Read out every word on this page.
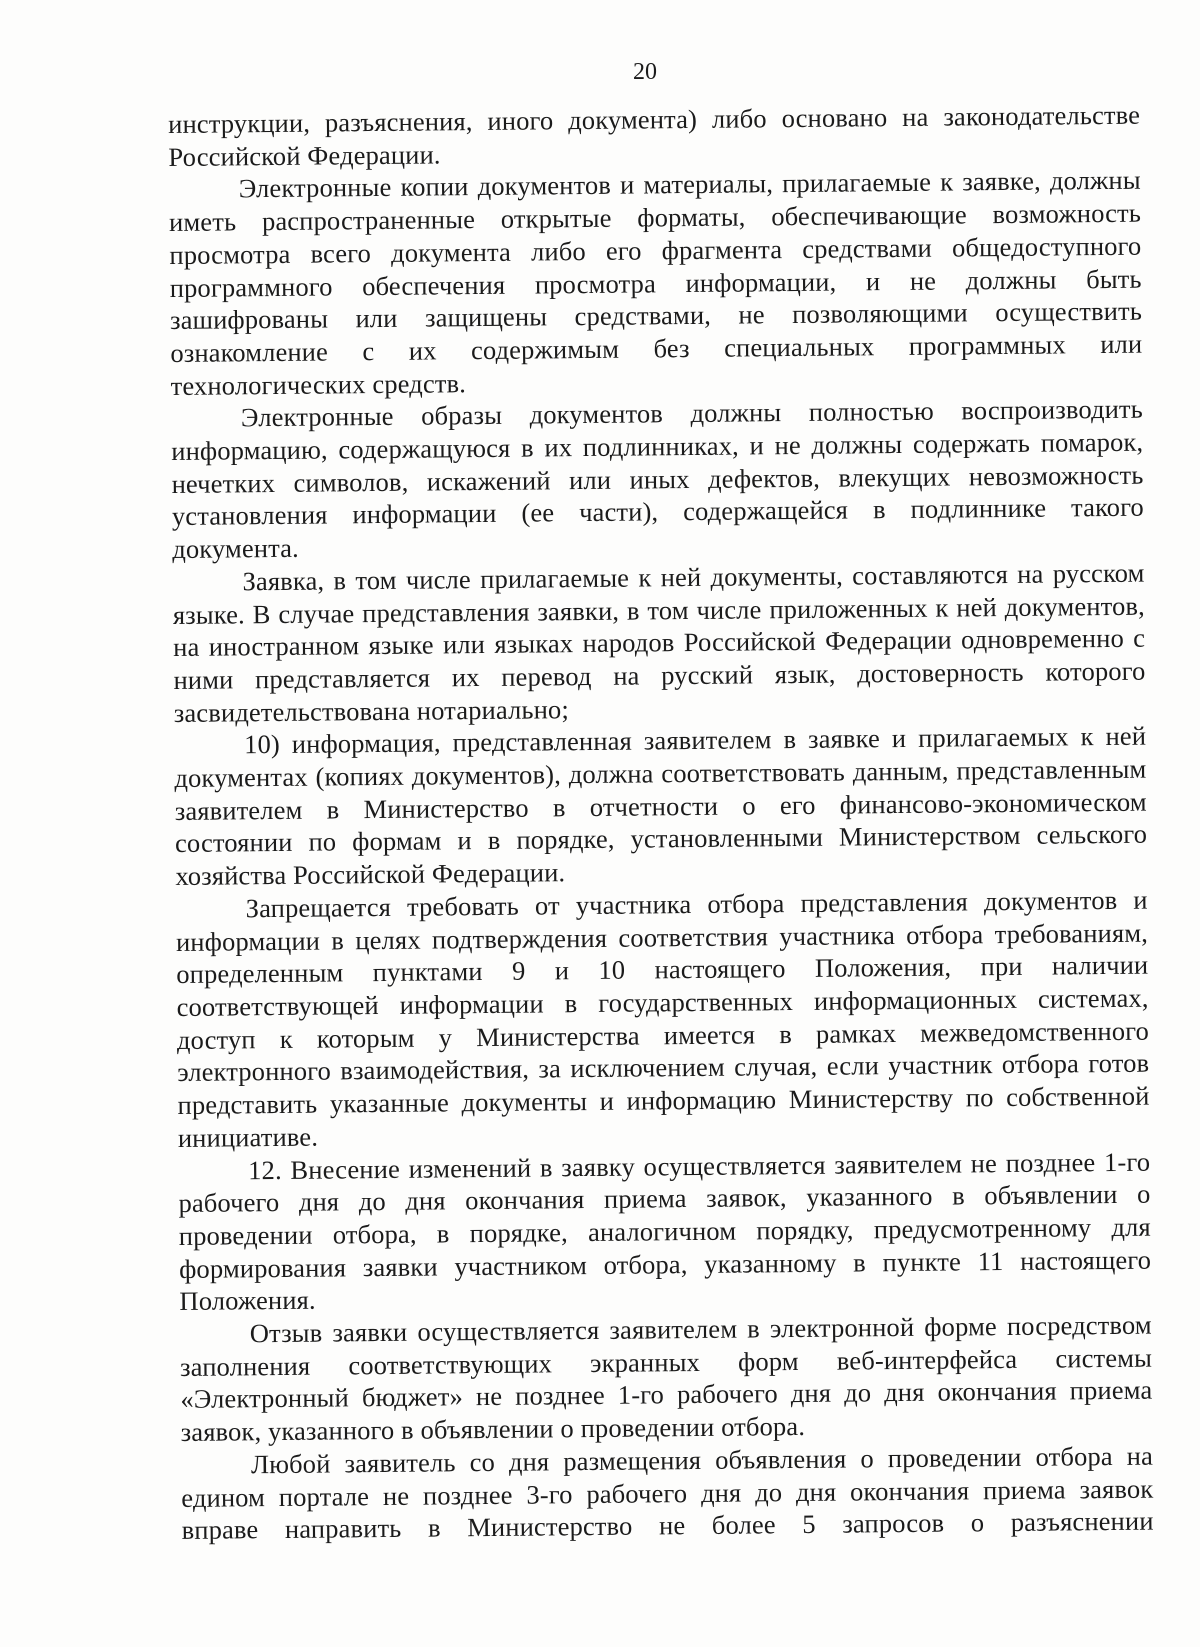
20

инструкции, разъяснения, иного документа) либо основано на законодательстве Российской Федерации.

Электронные копии документов и материалы, прилагаемые к заявке, должны иметь распространенные открытые форматы, обеспечивающие возможность просмотра всего документа либо его фрагмента средствами общедоступного программного обеспечения просмотра информации, и не должны быть зашифрованы или защищены средствами, не позволяющими осуществить ознакомление с их содержимым без специальных программных или технологических средств.

Электронные образы документов должны полностью воспроизводить информацию, содержащуюся в их подлинниках, и не должны содержать помарок, нечетких символов, искажений или иных дефектов, влекущих невозможность установления информации (ее части), содержащейся в подлиннике такого документа.

Заявка, в том числе прилагаемые к ней документы, составляются на русском языке. В случае представления заявки, в том числе приложенных к ней документов, на иностранном языке или языках народов Российской Федерации одновременно с ними представляется их перевод на русский язык, достоверность которого засвидетельствована нотариально;

10) информация, представленная заявителем в заявке и прилагаемых к ней документах (копиях документов), должна соответствовать данным, представленным заявителем в Министерство в отчетности о его финансово-экономическом состоянии по формам и в порядке, установленными Министерством сельского хозяйства Российской Федерации.

Запрещается требовать от участника отбора представления документов и информации в целях подтверждения соответствия участника отбора требованиям, определенным пунктами 9 и 10 настоящего Положения, при наличии соответствующей информации в государственных информационных системах, доступ к которым у Министерства имеется в рамках межведомственного электронного взаимодействия, за исключением случая, если участник отбора готов представить указанные документы и информацию Министерству по собственной инициативе.

12. Внесение изменений в заявку осуществляется заявителем не позднее 1-го рабочего дня до дня окончания приема заявок, указанного в объявлении о проведении отбора, в порядке, аналогичном порядку, предусмотренному для формирования заявки участником отбора, указанному в пункте 11 настоящего Положения.

Отзыв заявки осуществляется заявителем в электронной форме посредством заполнения соответствующих экранных форм веб-интерфейса системы «Электронный бюджет» не позднее 1-го рабочего дня до дня окончания приема заявок, указанного в объявлении о проведении отбора.

Любой заявитель со дня размещения объявления о проведении отбора на едином портале не позднее 3-го рабочего дня до дня окончания приема заявок вправе направить в Министерство не более 5 запросов о разъяснении
